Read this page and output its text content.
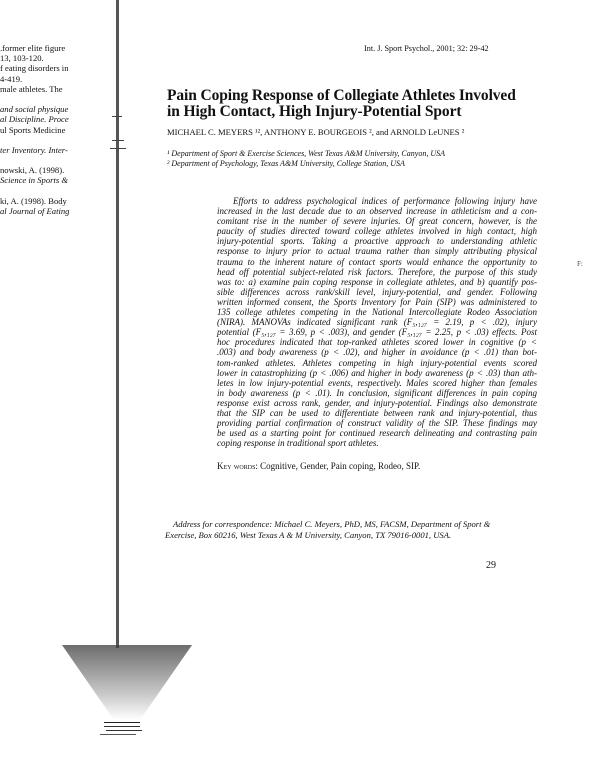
.former elite figure
13, 103-120.
f eating disorders in
4-419.
male athletes. The
and social physique
al Discipline. Proce
ul Sports Medicine
ter Inventory. Inter-
nowski, A. (1998).
Science in Sports &
ki, A. (1998). Body
al Journal of Eating
Int. J. Sport Psychol., 2001; 32: 29-42
Pain Coping Response of Collegiate Athletes Involved
in High Contact, High Injury-Potential Sport
MICHAEL C. MEYERS ¹², ANTHONY E. BOURGEOIS ², and ARNOLD LeUNES ²
¹ Department of Sport & Exercise Sciences, West Texas A&M University, Canyon, USA
² Department of Psychology, Texas A&M University, College Station, USA
Efforts to address psychological indices of performance following injury have
increased in the last decade due to an observed increase in athleticism and a con-
comitant rise in the number of severe injuries. Of great concern, however, is the
paucity of studies directed toward college athletes involved in high contact, high
injury-potential sports. Taking a proactive approach to understanding athletic
response to injury prior to actual trauma rather than simply attributing physical
trauma to the inherent nature of contact sports would enhance the opportunity to
head off potential subject-related risk factors. Therefore, the purpose of this study
was to: a) examine pain coping response in collegiate athletes, and b) quantify pos-
sible differences across rank/skill level, injury-potential, and gender. Following
written informed consent, the Sports Inventory for Pain (SIP) was administered to
135 college athletes competing in the National Intercollegiate Rodeo Association
(NIRA). MANOVAs indicated significant rank (F₅,₁₂₇ = 2.19, p < .02), injury
potential (F₅,₁₂₇ = 3.69, p < .003), and gender (F₅,₁₂₇ = 2.25, p < .03) effects. Post
hoc procedures indicated that top-ranked athletes scored lower in cognitive (p <
.003) and body awareness (p < .02), and higher in avoidance (p < .01) than bot-
tom-ranked athletes. Athletes competing in high injury-potential events scored
lower in catastrophizing (p < .006) and higher in body awareness (p < .03) than ath-
letes in low injury-potential events, respectively. Males scored higher than females
in body awareness (p < .01). In conclusion, significant differences in pain coping
response exist across rank, gender, and injury-potential. Findings also demonstrate
that the SIP can be used to differentiate between rank and injury-potential, thus
providing partial confirmation of construct validity of the SIP. These findings may
be used as a starting point for continued research delineating and contrasting pain
coping response in traditional sport athletes.
Key words: Cognitive, Gender, Pain coping, Rodeo, SIP.
Address for correspondence: Michael C. Meyers, PhD, MS, FACSM, Department of Sport &
Exercise, Box 60216, West Texas A & M University, Canyon, TX 79016-0001, USA.
29
F:
